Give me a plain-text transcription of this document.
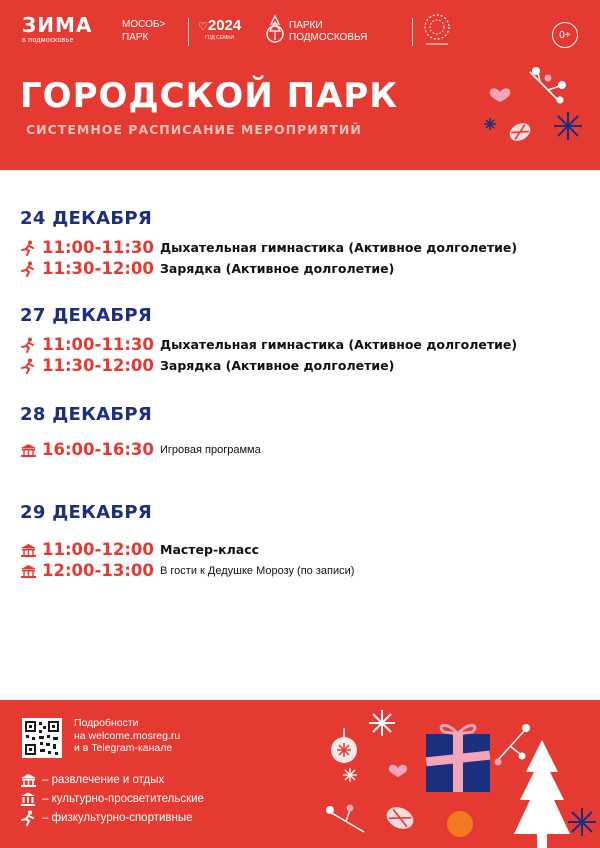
ЗИМА
в подмосковье
МОСОБ>
ПАРК
♡2024
ГОД СЕМЬИ
ПАРКИ
ПОДМОСКОВЬЯ	0+
ГОРОДСКОЙ ПАРК
СИСТЕМНОЕ РАСПИСАНИЕ МЕРОПРИЯТИЙ
24 ДЕКАБРЯ
11:00-11:30 Дыхательная гимнастика (Активное долголетие)
11:30-12:00 Зарядка (Активное долголетие)
27 ДЕКАБРЯ
11:00-11:30 Дыхательная гимнастика (Активное долголетие)
11:30-12:00 Зарядка (Активное долголетие)
28 ДЕКАБРЯ
16:00-16:30 Игровая программа
29 ДЕКАБРЯ
11:00-12:00 Мастер-класс
12:00-13:00 В гости к Дедушке Морозу (по записи)
Подробности
на welcome.mosreg.ru
и в Telegram-канале
– развлечение и отдых
– культурно-просветительские
– физкультурно-спортивные
